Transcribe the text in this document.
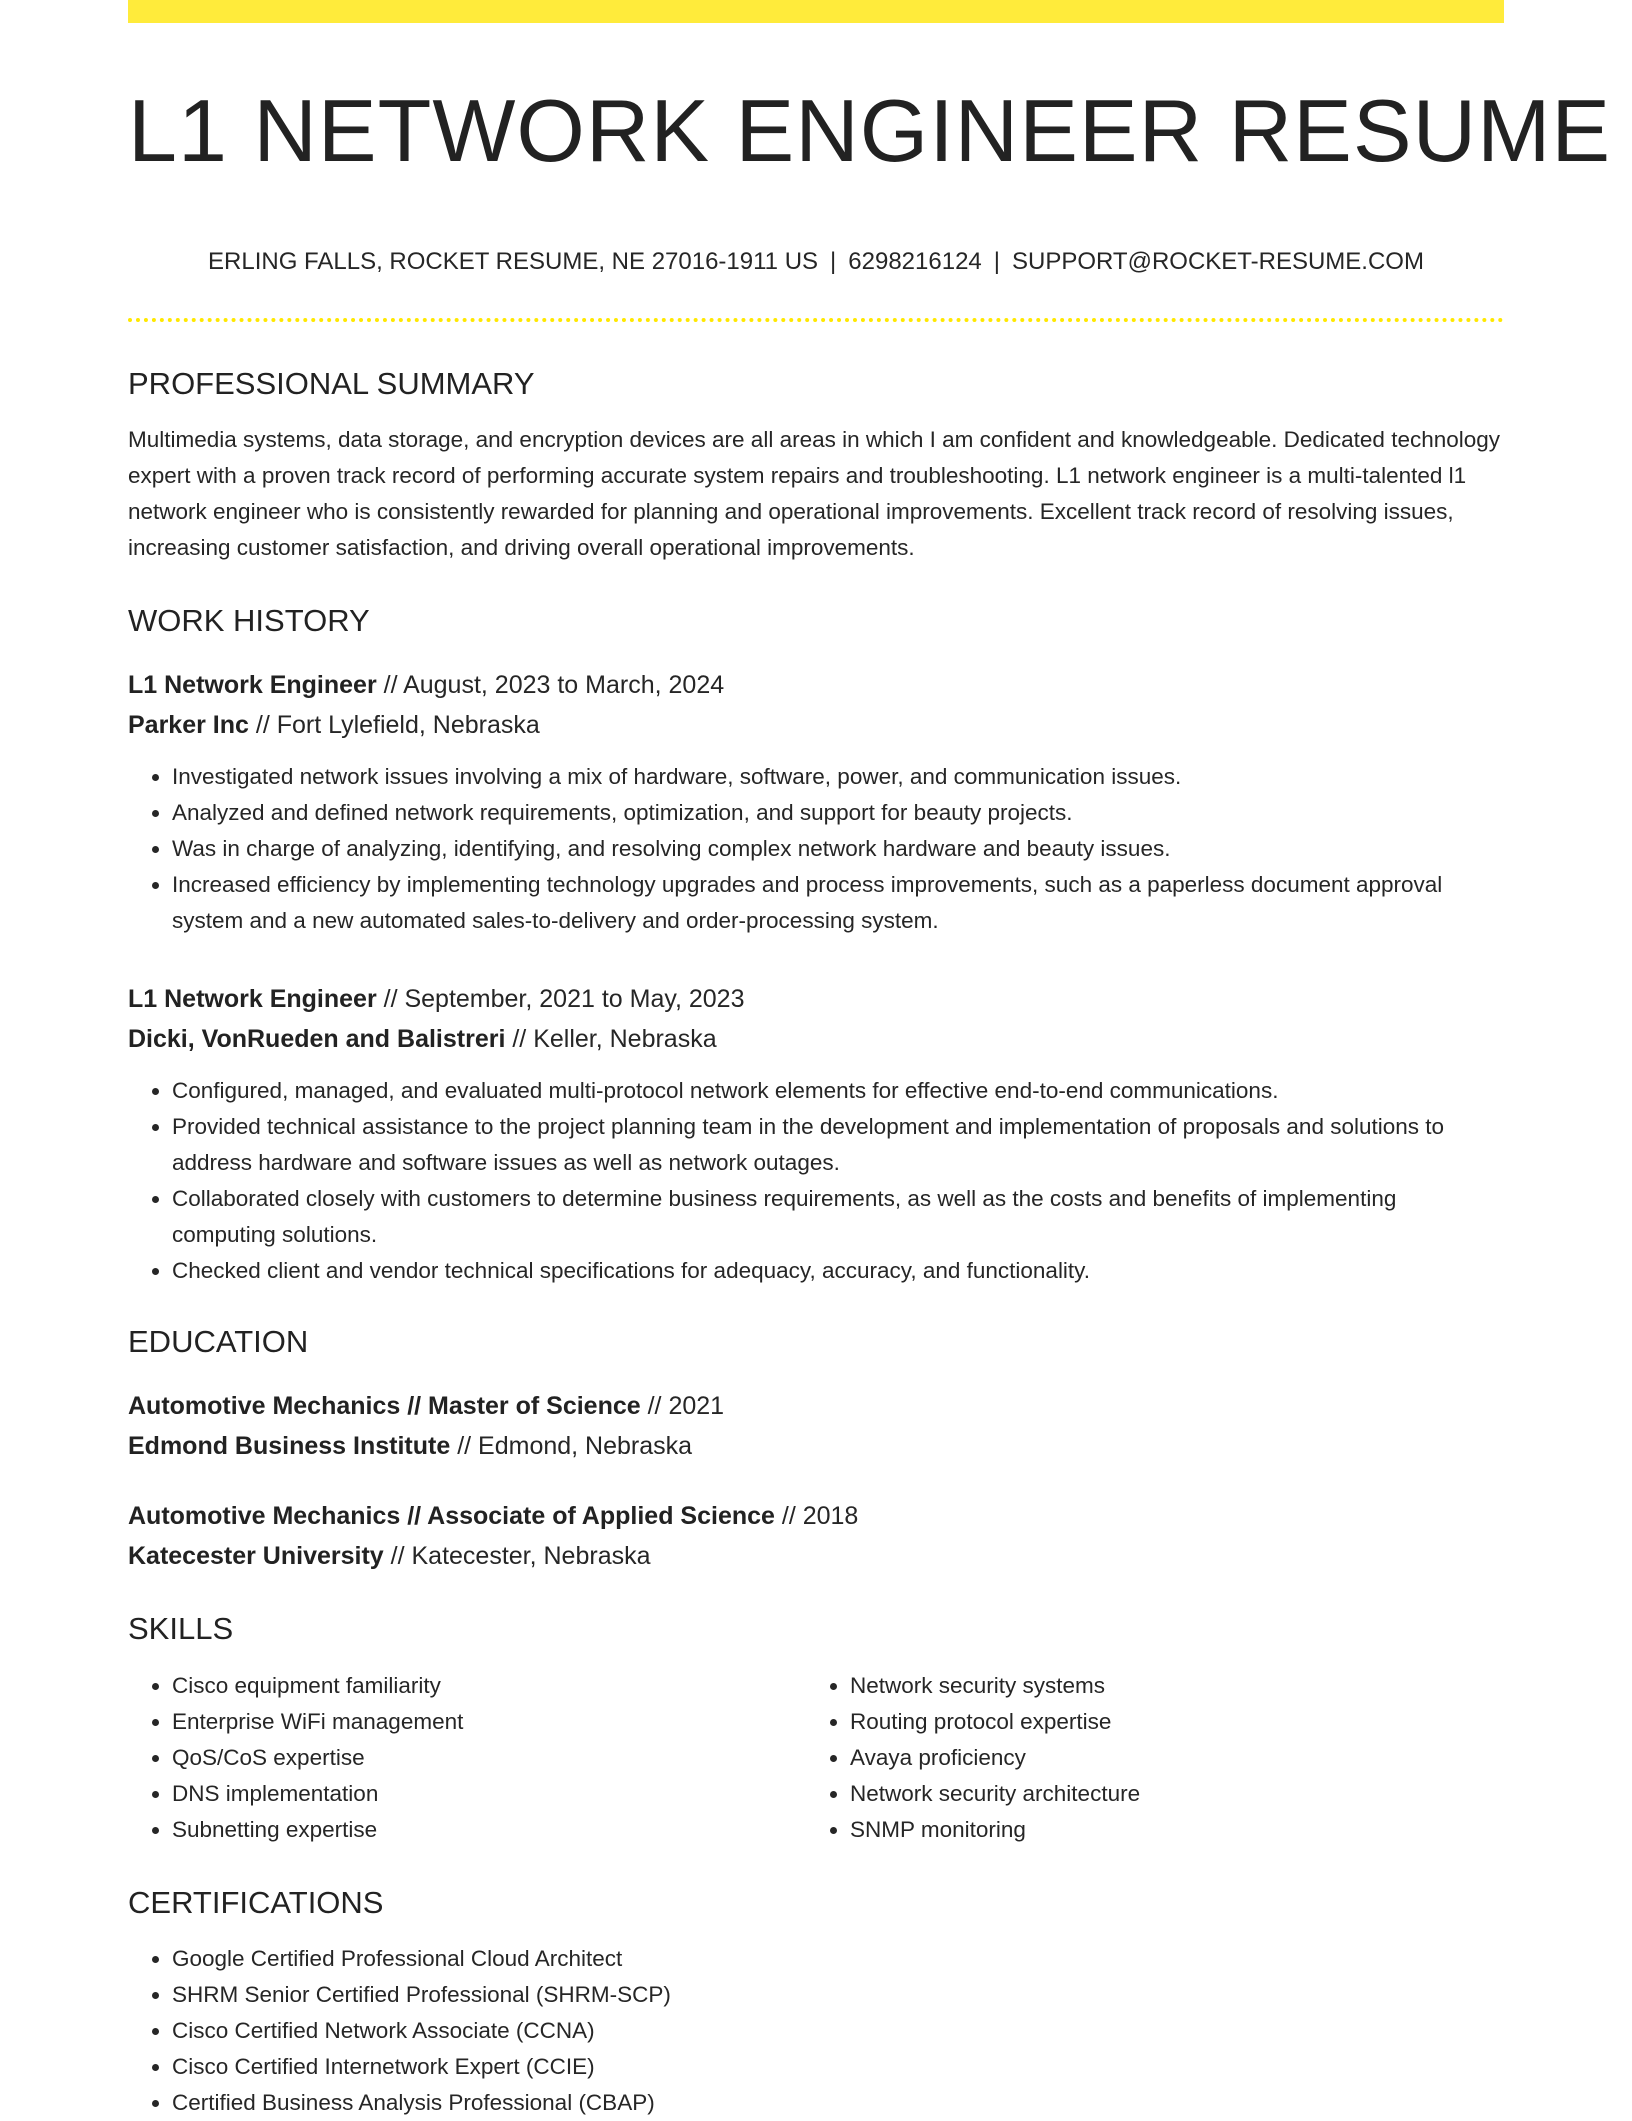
L1 NETWORK ENGINEER RESUME
ERLING FALLS, ROCKET RESUME, NE 27016-1911 US | 6298216124 | SUPPORT@ROCKET-RESUME.COM
PROFESSIONAL SUMMARY

Multimedia systems, data storage, and encryption devices are all areas in which I am confident and knowledgeable. Dedicated technology expert with a proven track record of performing accurate system repairs and troubleshooting. L1 network engineer is a multi-talented l1 network engineer who is consistently rewarded for planning and operational improvements. Excellent track record of resolving issues, increasing customer satisfaction, and driving overall operational improvements.

WORK HISTORY
L1 Network Engineer // August, 2023 to March, 2024
Parker Inc // Fort Lylefield, Nebraska
• Investigated network issues involving a mix of hardware, software, power, and communication issues.
• Analyzed and defined network requirements, optimization, and support for beauty projects.
• Was in charge of analyzing, identifying, and resolving complex network hardware and beauty issues.
• Increased efficiency by implementing technology upgrades and process improvements, such as a paperless document approval system and a new automated sales-to-delivery and order-processing system.
L1 Network Engineer // September, 2021 to May, 2023
Dicki, VonRueden and Balistreri // Keller, Nebraska
• Configured, managed, and evaluated multi-protocol network elements for effective end-to-end communications.
• Provided technical assistance to the project planning team in the development and implementation of proposals and solutions to address hardware and software issues as well as network outages.
• Collaborated closely with customers to determine business requirements, as well as the costs and benefits of implementing computing solutions.
• Checked client and vendor technical specifications for adequacy, accuracy, and functionality.
EDUCATION
Automotive Mechanics // Master of Science // 2021
Edmond Business Institute // Edmond, Nebraska
Automotive Mechanics // Associate of Applied Science // 2018
Katecester University // Katecester, Nebraska
SKILLS
• Cisco equipment familiarity
• Enterprise WiFi management
• QoS/CoS expertise
• DNS implementation
• Subnetting expertise
• Network security systems
• Routing protocol expertise
• Avaya proficiency
• Network security architecture
• SNMP monitoring
CERTIFICATIONS
• Google Certified Professional Cloud Architect
• SHRM Senior Certified Professional (SHRM-SCP)
• Cisco Certified Network Associate (CCNA)
• Cisco Certified Internetwork Expert (CCIE)
• Certified Business Analysis Professional (CBAP)
